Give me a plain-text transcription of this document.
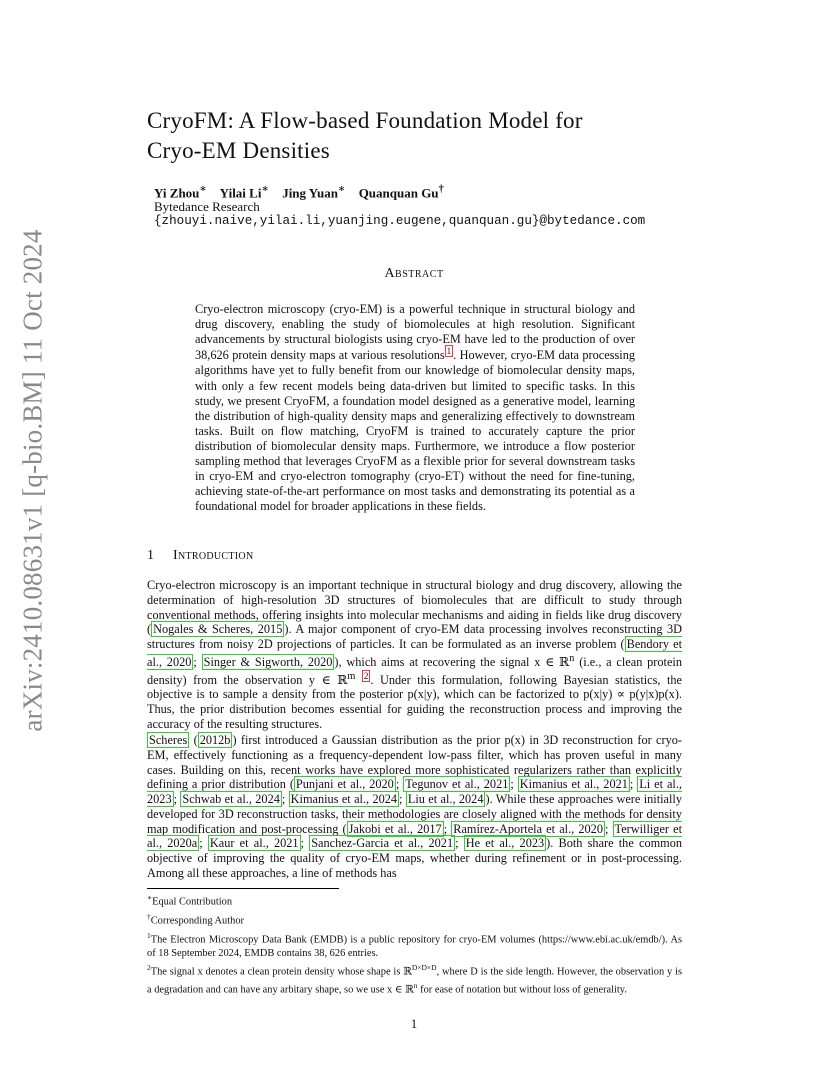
arXiv:2410.08631v1 [q-bio.BM] 11 Oct 2024
CryoFM: A Flow-based Foundation Model for
Cryo-EM Densities
Yi Zhou∗ Yilai Li∗ Jing Yuan∗ Quanquan Gu†
Bytedance Research
{zhouyi.naive,yilai.li,yuanjing.eugene,quanquan.gu}@bytedance.com
Abstract
Cryo-electron microscopy (cryo-EM) is a powerful technique in structural biology and drug discovery, enabling the study of biomolecules at high resolution. Significant advancements by structural biologists using cryo-EM have led to the production of over 38,626 protein density maps at various resolutions $^1$ . However, cryo-EM data processing algorithms have yet to fully benefit from our knowledge of biomolecular density maps, with only a few recent models being data-driven but limited to specific tasks. In this study, we present CryoFM, a foundation model designed as a generative model, learning the distribution of high-quality density maps and generalizing effectively to downstream tasks. Built on flow matching, CryoFM is trained to accurately capture the prior distribution of biomolecular density maps. Furthermore, we introduce a flow posterior sampling method that leverages CryoFM as a flexible prior for several downstream tasks in cryo-EM and cryo-electron tomography (cryo-ET) without the need for fine-tuning, achieving state-of-the-art performance on most tasks and demonstrating its potential as a foundational model for broader applications in these fields.
1 Introduction
Cryo-electron microscopy is an important technique in structural biology and drug discovery, allowing the determination of high-resolution 3D structures of biomolecules that are difficult to study through conventional methods, offering insights into molecular mechanisms and aiding in fields like drug discovery ( Nogales & Scheres, 2015 ). A major component of cryo-EM data processing involves reconstructing 3D structures from noisy 2D projections of particles. It can be formulated as an inverse problem ( Bendory et al., 2020 ; Singer & Sigworth, 2020 ), which aims at recovering the signal x ∈ ℝ$^n$ (i.e., a clean protein density) from the observation y ∈ ℝ$^m$ $^2$ . Under this formulation, following Bayesian statistics, the objective is to sample a density from the posterior p(x|y), which can be factorized to p(x|y) ∝ p(y|x)p(x). Thus, the prior distribution becomes essential for guiding the reconstruction process and improving the accuracy of the resulting structures.
Scheres ( 2012b ) first introduced a Gaussian distribution as the prior p(x) in 3D reconstruction for cryo-EM, effectively functioning as a frequency-dependent low-pass filter, which has proven useful in many cases. Building on this, recent works have explored more sophisticated regularizers rather than explicitly defining a prior distribution ( Punjani et al., 2020 ; Tegunov et al., 2021 ; Kimanius et al., 2021 ; Li et al., 2023 ; Schwab et al., 2024 ; Kimanius et al., 2024 ; Liu et al., 2024 ). While these approaches were initially developed for 3D reconstruction tasks, their methodologies are closely aligned with the methods for density map modification and post-processing ( Jakobi et al., 2017 ; Ramírez-Aportela et al., 2020 ; Terwilliger et al., 2020a ; Kaur et al., 2021 ; Sanchez-Garcia et al., 2021 ; He et al., 2023 ). Both share the common objective of improving the quality of cryo-EM maps, whether during refinement or in post-processing. Among all these approaches, a line of methods has
∗Equal Contribution
†Corresponding Author
$^1$The Electron Microscopy Data Bank (EMDB) is a public repository for cryo-EM volumes (https://www.ebi.ac.uk/emdb/). As of 18 September 2024, EMDB contains 38, 626 entries.
$^2$The signal x denotes a clean protein density whose shape is ℝ$^{D\times D\times D}$, where D is the side length. However, the observation y is a degradation and can have any arbitary shape, so we use x ∈ ℝ$^n$ for ease of notation but without loss of generality.
1
